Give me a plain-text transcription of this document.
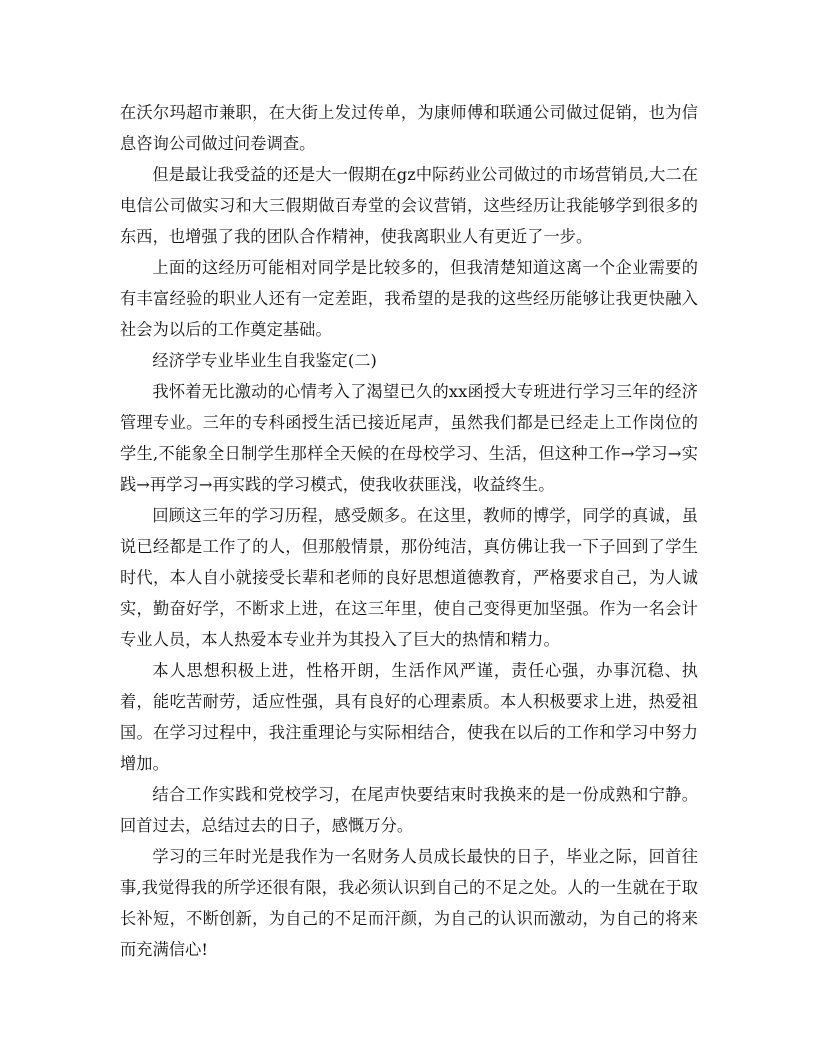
在沃尔玛超市兼职，在大街上发过传单，为康师傅和联通公司做过促销，也为信息咨询公司做过问卷调查。

但是最让我受益的还是大一假期在gz中际药业公司做过的市场营销员,大二在电信公司做实习和大三假期做百寿堂的会议营销，这些经历让我能够学到很多的东西，也增强了我的团队合作精神，使我离职业人有更近了一步。

上面的这经历可能相对同学是比较多的，但我清楚知道这离一个企业需要的有丰富经验的职业人还有一定差距，我希望的是我的这些经历能够让我更快融入社会为以后的工作奠定基础。

经济学专业毕业生自我鉴定(二)

我怀着无比激动的心情考入了渴望已久的xx函授大专班进行学习三年的经济管理专业。三年的专科函授生活已接近尾声，虽然我们都是已经走上工作岗位的学生,不能象全日制学生那样全天候的在母校学习、生活，但这种工作→学习→实践→再学习→再实践的学习模式，使我收获匪浅，收益终生。

回顾这三年的学习历程，感受颇多。在这里，教师的博学，同学的真诚，虽说已经都是工作了的人，但那般情景，那份纯洁，真仿佛让我一下子回到了学生时代，本人自小就接受长辈和老师的良好思想道德教育，严格要求自己，为人诚实，勤奋好学，不断求上进，在这三年里，使自己变得更加坚强。作为一名会计专业人员，本人热爱本专业并为其投入了巨大的热情和精力。

本人思想积极上进，性格开朗，生活作风严谨，责任心强，办事沉稳、执着，能吃苦耐劳，适应性强，具有良好的心理素质。本人积极要求上进，热爱祖国。在学习过程中，我注重理论与实际相结合，使我在以后的工作和学习中努力增加。

结合工作实践和党校学习，在尾声快要结束时我换来的是一份成熟和宁静。回首过去，总结过去的日子，感慨万分。

学习的三年时光是我作为一名财务人员成长最快的日子，毕业之际，回首往事,我觉得我的所学还很有限，我必须认识到自己的不足之处。人的一生就在于取长补短，不断创新，为自己的不足而汗颜，为自己的认识而激动，为自己的将来而充满信心!
